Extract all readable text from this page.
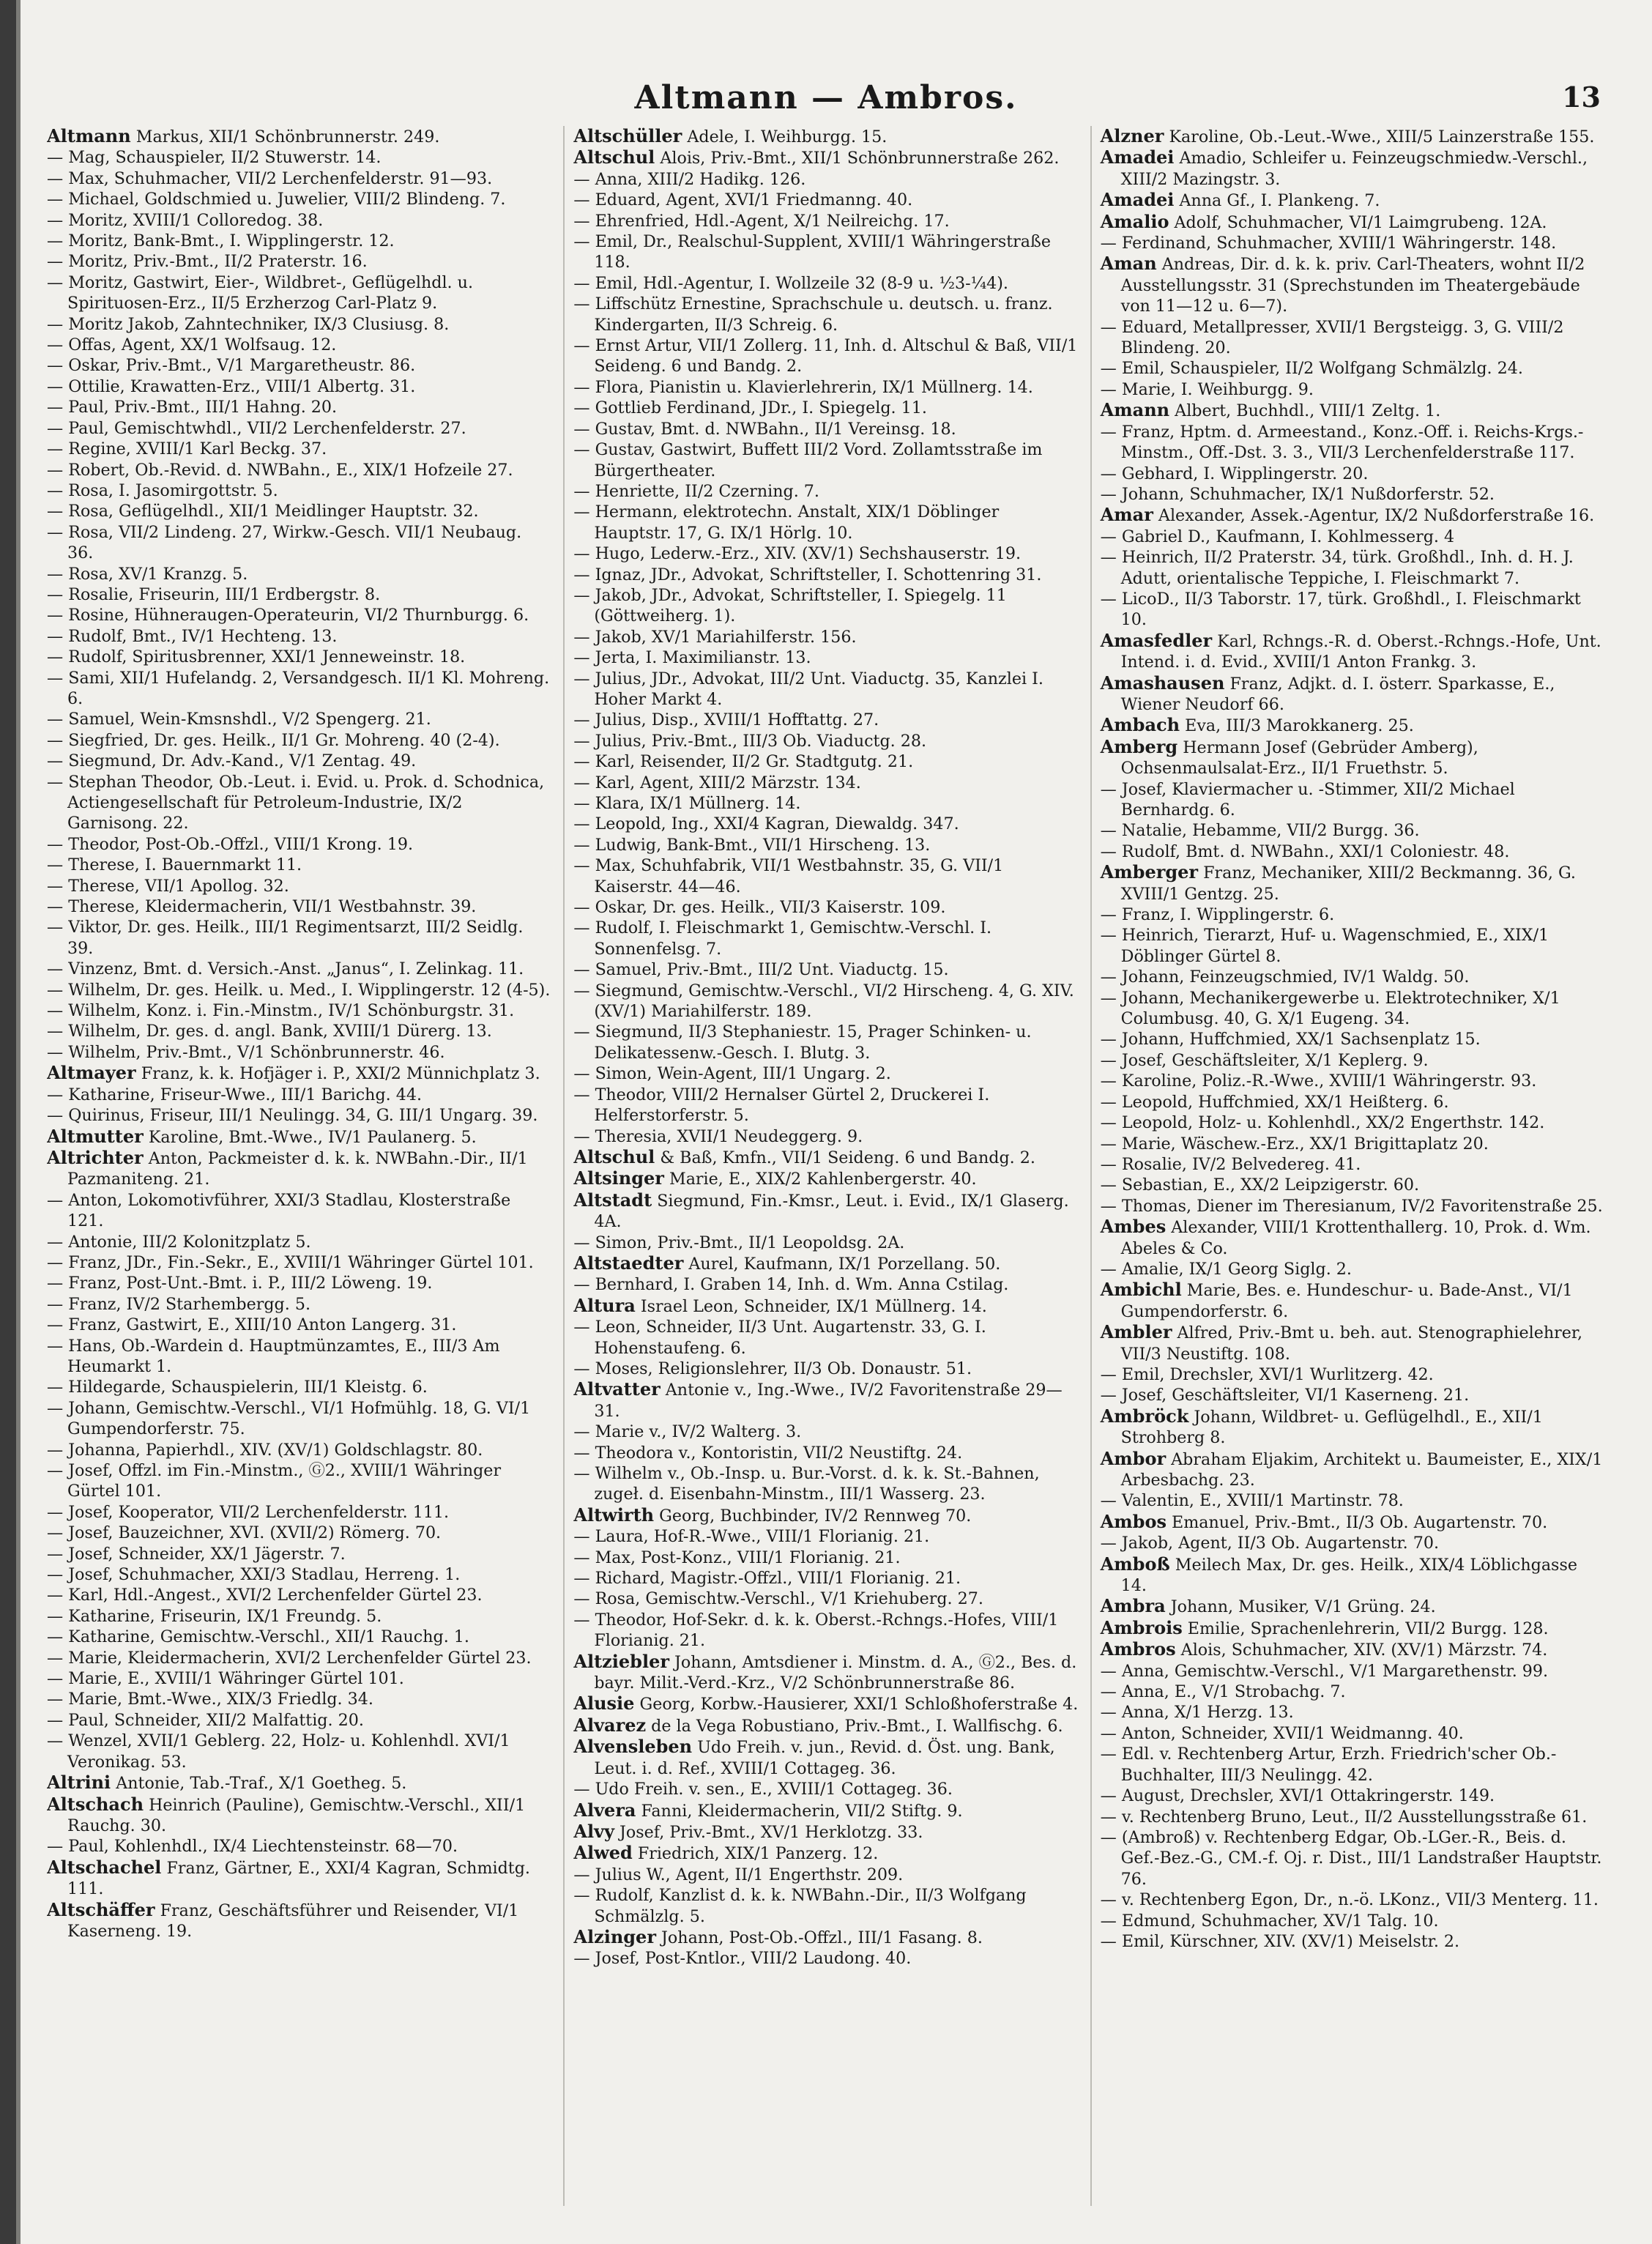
Altmann — Ambros.	13
Altmann Markus, XII/1 Schönbrunnerstr. 249.
— Mag, Schauspieler, II/2 Stuwerstr. 14.
— Max, Schuhmacher, VII/2 Lerchenfelderstr. 91—93.
— Michael, Goldschmied u. Juwelier, VIII/2 Blindeng. 7.
— Moritz, XVIII/1 Colloredog. 38.
— Moritz, Bank-Bmt., I. Wipplingerstr. 12.
— Moritz, Priv.-Bmt., II/2 Praterstr. 16.
— Moritz, Gastwirt, Eier-, Wildbret-, Geflügelhdl. u. Spirituosen-Erz., II/5 Erzherzog Carl-Platz 9.
— Moritz Jakob, Zahntechniker, IX/3 Clusiusg. 8.
— Offas, Agent, XX/1 Wolfsaug. 12.
— Oskar, Priv.-Bmt., V/1 Margaretheustr. 86.
— Ottilie, Krawatten-Erz., VIII/1 Albertg. 31.
— Paul, Priv.-Bmt., III/1 Hahng. 20.
— Paul, Gemischtwhdl., VII/2 Lerchenfelderstr. 27.
— Regine, XVIII/1 Karl Beckg. 37.
— Robert, Ob.-Revid. d. NWBahn., E., XIX/1 Hofzeile 27.
— Rosa, I. Jasomirgottstr. 5.
— Rosa, Geflügelhdl., XII/1 Meidlinger Hauptstr. 32.
— Rosa, VII/2 Lindeng. 27, Wirkw.-Gesch. VII/1 Neubaug. 36.
— Rosa, XV/1 Kranzg. 5.
— Rosalie, Friseurin, III/1 Erdbergstr. 8.
— Rosine, Hühneraugen-Operateurin, VI/2 Thurnburgg. 6.
— Rudolf, Bmt., IV/1 Hechteng. 13.
— Rudolf, Spiritusbrenner, XXI/1 Jenneweinstr. 18.
— Sami, XII/1 Hufelandg. 2, Versandgesch. II/1 Kl. Mohreng. 6.
— Samuel, Wein-Kmsnshdl., V/2 Spengerg. 21.
— Siegfried, Dr. ges. Heilk., II/1 Gr. Mohreng. 40 (2-4).
— Siegmund, Dr. Adv.-Kand., V/1 Zentag. 49.
— Stephan Theodor, Ob.-Leut. i. Evid. u. Prok. d. Schodnica, Actiengesellschaft für Petroleum-Industrie, IX/2 Garnisong. 22.
— Theodor, Post-Ob.-Offzl., VIII/1 Krong. 19.
— Therese, I. Bauernmarkt 11.
— Therese, VII/1 Apollog. 32.
— Therese, Kleidermacherin, VII/1 Westbahnstr. 39.
— Viktor, Dr. ges. Heilk., III/1 Regimentsarzt, III/2 Seidlg. 39.
— Vinzenz, Bmt. d. Versich.-Anst. „Janus“, I. Zelinkag. 11.
— Wilhelm, Dr. ges. Heilk. u. Med., I. Wipplingerstr. 12 (4-5).
— Wilhelm, Konz. i. Fin.-Minstm., IV/1 Schönburgstr. 31.
— Wilhelm, Dr. ges. d. angl. Bank, XVIII/1 Dürerg. 13.
— Wilhelm, Priv.-Bmt., V/1 Schönbrunnerstr. 46.
Altmayer Franz, k. k. Hofjäger i. P., XXI/2 Münnichplatz 3.
— Katharine, Friseur-Wwe., III/1 Barichg. 44.
— Quirinus, Friseur, III/1 Neulingg. 34, G. III/1 Ungarg. 39.
Altmutter Karoline, Bmt.-Wwe., IV/1 Paulanerg. 5.
Altrichter Anton, Packmeister d. k. k. NWBahn.-Dir., II/1 Pazmaniteng. 21.
— Anton, Lokomotivführer, XXI/3 Stadlau, Klosterstraße 121.
— Antonie, III/2 Kolonitzplatz 5.
— Franz, JDr., Fin.-Sekr., E., XVIII/1 Währinger Gürtel 101.
— Franz, Post-Unt.-Bmt. i. P., III/2 Löweng. 19.
— Franz, IV/2 Starhembergg. 5.
— Franz, Gastwirt, E., XIII/10 Anton Langerg. 31.
— Hans, Ob.-Wardein d. Hauptmünzamtes, E., III/3 Am Heumarkt 1.
— Hildegarde, Schauspielerin, III/1 Kleistg. 6.
— Johann, Gemischtw.-Verschl., VI/1 Hofmühlg. 18, G. VI/1 Gumpendorferstr. 75.
— Johanna, Papierhdl., XIV. (XV/1) Goldschlagstr. 80.
— Josef, Offzl. im Fin.-Minstm., Ⓖ2., XVIII/1 Währinger Gürtel 101.
— Josef, Kooperator, VII/2 Lerchenfelderstr. 111.
— Josef, Bauzeichner, XVI. (XVII/2) Römerg. 70.
— Josef, Schneider, XX/1 Jägerstr. 7.
— Josef, Schuhmacher, XXI/3 Stadlau, Herreng. 1.
— Karl, Hdl.-Angest., XVI/2 Lerchenfelder Gürtel 23.
— Katharine, Friseurin, IX/1 Freundg. 5.
— Katharine, Gemischtw.-Verschl., XII/1 Rauchg. 1.
— Marie, Kleidermacherin, XVI/2 Lerchenfelder Gürtel 23.
— Marie, E., XVIII/1 Währinger Gürtel 101.
— Marie, Bmt.-Wwe., XIX/3 Friedlg. 34.
— Paul, Schneider, XII/2 Malfattig. 20.
— Wenzel, XVII/1 Geblerg. 22, Holz- u. Kohlenhdl. XVI/1 Veronikag. 53.
Altrini Antonie, Tab.-Traf., X/1 Goethеg. 5.
Altschach Heinrich (Pauline), Gemischtw.-Verschl., XII/1 Rauchg. 30.
— Paul, Kohlenhdl., IX/4 Liechtensteinstr. 68—70.
Altschachel Franz, Gärtner, E., XXI/4 Kagran, Schmidtg. 111.
Altschäffer Franz, Geschäftsführer und Reisender, VI/1 Kaserneng. 19.
Altschüller Adele, I. Weihburgg. 15.
Altschul Alois, Priv.-Bmt., XII/1 Schönbrunnerstraße 262.
— Anna, XIII/2 Hadikg. 126.
— Eduard, Agent, XVI/1 Friedmanng. 40.
— Ehrenfried, Hdl.-Agent, X/1 Neilreichg. 17.
— Emil, Dr., Realschul-Supplent, XVIII/1 Währingerstraße 118.
— Emil, Hdl.-Agentur, I. Wollzeile 32 (8-9 u. ½3-¼4).
— Liffschütz Ernestine, Sprachschule u. deutsch. u. franz. Kindergarten, II/3 Schreig. 6.
— Ernst Artur, VII/1 Zollerg. 11, Inh. d. Altschul & Baß, VII/1 Seideng. 6 und Bandg. 2.
— Flora, Pianistin u. Klavierlehrerin, IX/1 Müllnerg. 14.
— Gottlieb Ferdinand, JDr., I. Spiegelg. 11.
— Gustav, Bmt. d. NWBahn., II/1 Vereinsg. 18.
— Gustav, Gastwirt, Buffett III/2 Vord. Zollamtsstraße im Bürgertheater.
— Henriette, II/2 Czerning. 7.
— Hermann, elektrotechn. Anstalt, XIX/1 Döblinger Hauptstr. 17, G. IX/1 Hörlg. 10.
— Hugo, Lederw.-Erz., XIV. (XV/1) Sechshauserstr. 19.
— Ignaz, JDr., Advokat, Schriftsteller, I. Schottenring 31.
— Jakob, JDr., Advokat, Schriftsteller, I. Spiegelg. 11 (Göttweiherg. 1).
— Jakob, XV/1 Mariahilferstr. 156.
— Jerta, I. Maximilianstr. 13.
— Julius, JDr., Advokat, III/2 Unt. Viaductg. 35, Kanzlei I. Hoher Markt 4.
— Julius, Disp., XVIII/1 Hofftattg. 27.
— Julius, Priv.-Bmt., III/3 Ob. Viaductg. 28.
— Karl, Reisender, II/2 Gr. Stadtgutg. 21.
— Karl, Agent, XIII/2 Märzstr. 134.
— Klara, IX/1 Müllnerg. 14.
— Leopold, Ing., XXI/4 Kagran, Diewaldg. 347.
— Ludwig, Bank-Bmt., VII/1 Hirscheng. 13.
— Max, Schuhfabrik, VII/1 Westbahnstr. 35, G. VII/1 Kaiserstr. 44—46.
— Oskar, Dr. ges. Heilk., VII/3 Kaiserstr. 109.
— Rudolf, I. Fleischmarkt 1, Gemischtw.-Verschl. I. Sonnenfelsg. 7.
— Samuel, Priv.-Bmt., III/2 Unt. Viaductg. 15.
— Siegmund, Gemischtw.-Verschl., VI/2 Hirscheng. 4, G. XIV. (XV/1) Mariahilferstr. 189.
— Siegmund, II/3 Stephaniestr. 15, Prager Schinken- u. Delikatessenw.-Gesch. I. Blutg. 3.
— Simon, Wein-Agent, III/1 Ungarg. 2.
— Theodor, VIII/2 Hernalser Gürtel 2, Druckerei I. Helferstorferstr. 5.
— Theresia, XVII/1 Neudeggerg. 9.
Altschul & Baß, Kmfn., VII/1 Seideng. 6 und Bandg. 2.
Altsinger Marie, E., XIX/2 Kahlenbergerstr. 40.
Altstadt Siegmund, Fin.-Kmsr., Leut. i. Evid., IX/1 Glaserg. 4A.
— Simon, Priv.-Bmt., II/1 Leopoldsg. 2A.
Altstaedter Aurel, Kaufmann, IX/1 Porzellang. 50.
— Bernhard, I. Graben 14, Inh. d. Wm. Anna Cstilag.
Altura Israel Leon, Schneider, IX/1 Müllnerg. 14.
— Leon, Schneider, II/3 Unt. Augartenstr. 33, G. I. Hohenstaufeng. 6.
— Moses, Religionslehrer, II/3 Ob. Donaustr. 51.
Altvatter Antonie v., Ing.-Wwe., IV/2 Favoritenstraße 29—31.
— Marie v., IV/2 Walterg. 3.
— Theodora v., Kontoristin, VII/2 Neustiftg. 24.
— Wilhelm v., Ob.-Insp. u. Bur.-Vorst. d. k. k. St.-Bahnen, zugeł. d. Eisenbahn-Minstm., III/1 Wasserg. 23.
Altwirth Georg, Buchbinder, IV/2 Rennweg 70.
— Laura, Hof-R.-Wwe., VIII/1 Florianig. 21.
— Max, Post-Konz., VIII/1 Florianig. 21.
— Richard, Magistr.-Offzl., VIII/1 Florianig. 21.
— Rosa, Gemischtw.-Verschl., V/1 Kriehuberg. 27.
— Theodor, Hof-Sekr. d. k. k. Oberst.-Rchngs.-Hofes, VIII/1 Florianig. 21.
Altziebler Johann, Amtsdiener i. Minstm. d. A., Ⓖ2., Bes. d. bayr. Milit.-Verd.-Krz., V/2 Schönbrunnerstraße 86.
Alusie Georg, Korbw.-Hausierer, XXI/1 Schloßhoferstraße 4.
Alvarez de la Vega Robustiano, Priv.-Bmt., I. Wallfischg. 6.
Alvensleben Udo Freih. v. jun., Revid. d. Öst. ung. Bank, Leut. i. d. Ref., XVIII/1 Cottageg. 36.
— Udo Freih. v. sen., E., XVIII/1 Cottageg. 36.
Alvera Fanni, Kleidermacherin, VII/2 Stiftg. 9.
Alvy Josef, Priv.-Bmt., XV/1 Herklotzg. 33.
Alwed Friedrich, XIX/1 Panzerg. 12.
— Julius W., Agent, II/1 Engerthstr. 209.
— Rudolf, Kanzlist d. k. k. NWBahn.-Dir., II/3 Wolfgang Schmälzlg. 5.
Alzinger Johann, Post-Ob.-Offzl., III/1 Fasang. 8.
— Josef, Post-Kntlor., VIII/2 Laudong. 40.
Alzner Karoline, Ob.-Leut.-Wwe., XIII/5 Lainzerstraße 155.
Amadei Amadio, Schleifer u. Feinzeugschmiedw.-Verschl., XIII/2 Mazingstr. 3.
Amadei Anna Gf., I. Plankeng. 7.
Amalio Adolf, Schuhmacher, VI/1 Laimgrubeng. 12A.
— Ferdinand, Schuhmacher, XVIII/1 Währingerstr. 148.
Aman Andreas, Dir. d. k. k. priv. Carl-Theaters, wohnt II/2 Ausstellungsstr. 31 (Sprechstunden im Theatergebäude von 11—12 u. 6—7).
— Eduard, Metallpresser, XVII/1 Bergsteigg. 3, G. VIII/2 Blindeng. 20.
— Emil, Schauspieler, II/2 Wolfgang Schmälzlg. 24.
— Marie, I. Weihburgg. 9.
Amann Albert, Buchhdl., VIII/1 Zeltg. 1.
— Franz, Hptm. d. Armeestand., Konz.-Off. i. Reichs-Krgs.-Minstm., Off.-Dst. 3. 3., VII/3 Lerchenfelderstraße 117.
— Gebhard, I. Wipplingerstr. 20.
— Johann, Schuhmacher, IX/1 Nußdorferstr. 52.
Amar Alexander, Assek.-Agentur, IX/2 Nußdorferstraße 16.
— Gabriel D., Kaufmann, I. Kohlmesserg. 4
— Heinrich, II/2 Praterstr. 34, türk. Großhdl., Inh. d. H. J. Adutt, orientalische Teppiche, I. Fleischmarkt 7.
— LicoD., II/3 Taborstr. 17, türk. Großhdl., I. Fleischmarkt 10.
Amasfedler Karl, Rchngs.-R. d. Oberst.-Rchngs.-Hofe, Unt. Intend. i. d. Evid., XVIII/1 Anton Frankg. 3.
Amashausen Franz, Adjkt. d. I. österr. Sparkasse, E., Wiener Neudorf 66.
Ambach Eva, III/3 Marokkanerg. 25.
Amberg Hermann Josef (Gebrüder Amberg), Ochsenmaulsalat-Erz., II/1 Fruethstr. 5.
— Josef, Klaviermacher u. -Stimmer, XII/2 Michael Bernhardg. 6.
— Natalie, Hebamme, VII/2 Burgg. 36.
— Rudolf, Bmt. d. NWBahn., XXI/1 Coloniestr. 48.
Amberger Franz, Mechaniker, XIII/2 Beckmanng. 36, G. XVIII/1 Gentzg. 25.
— Franz, I. Wipplingerstr. 6.
— Heinrich, Tierarzt, Huf- u. Wagenschmied, E., XIX/1 Döblinger Gürtel 8.
— Johann, Feinzeugschmied, IV/1 Waldg. 50.
— Johann, Mechanikergewerbe u. Elektrotechniker, X/1 Columbusg. 40, G. X/1 Eugeng. 34.
— Johann, Huffchmied, XX/1 Sachsenplatz 15.
— Josef, Geschäftsleiter, X/1 Keplerg. 9.
— Karoline, Poliz.-R.-Wwe., XVIII/1 Währingerstr. 93.
— Leopold, Huffchmied, XX/1 Heißterg. 6.
— Leopold, Holz- u. Kohlenhdl., XX/2 Engerthstr. 142.
— Marie, Wäschew.-Erz., XX/1 Brigittaplatz 20.
— Rosalie, IV/2 Belvedereg. 41.
— Sebastian, E., XX/2 Leipzigerstr. 60.
— Thomas, Diener im Theresianum, IV/2 Favoritenstraße 25.
Ambes Alexander, VIII/1 Krottenthallerg. 10, Prok. d. Wm. Abeles & Co.
— Amalie, IX/1 Georg Siglg. 2.
Ambichl Marie, Bes. e. Hundeschur- u. Bade-Anst., VI/1 Gumpendorferstr. 6.
Ambler Alfred, Priv.-Bmt u. beh. aut. Stenographielehrer, VII/3 Neustiftg. 108.
— Emil, Drechsler, XVI/1 Wurlitzerg. 42.
— Josef, Geschäftsleiter, VI/1 Kaserneng. 21.
Ambröck Johann, Wildbret- u. Geflügelhdl., E., XII/1 Strohberg 8.
Ambor Abraham Eljakim, Architekt u. Baumeister, E., XIX/1 Arbesbachg. 23.
— Valentin, E., XVIII/1 Martinstr. 78.
Ambos Emanuel, Priv.-Bmt., II/3 Ob. Augartenstr. 70.
— Jakob, Agent, II/3 Ob. Augartenstr. 70.
Amboß Meilech Max, Dr. ges. Heilk., XIX/4 Löblichgasse 14.
Ambra Johann, Musiker, V/1 Grüng. 24.
Ambrois Emilie, Sprachenlehrerin, VII/2 Burgg. 128.
Ambros Alois, Schuhmacher, XIV. (XV/1) Märzstr. 74.
— Anna, Gemischtw.-Verschl., V/1 Margarethenstr. 99.
— Anna, E., V/1 Strobachg. 7.
— Anna, X/1 Herzg. 13.
— Anton, Schneider, XVII/1 Weidmanng. 40.
— Edl. v. Rechtenberg Artur, Erzh. Friedrich'scher Ob.-Buchhalter, III/3 Neulingg. 42.
— August, Drechsler, XVI/1 Ottakringerstr. 149.
— v. Rechtenberg Bruno, Leut., II/2 Ausstellungsstraße 61.
— (Ambroß) v. Rechtenberg Edgar, Ob.-LGer.-R., Beis. d. Gef.-Bez.-G., CM.-f. Oj. r. Dist., III/1 Landstraßer Hauptstr. 76.
— v. Rechtenberg Egon, Dr., n.-ö. LKonz., VII/3 Menterg. 11.
— Edmund, Schuhmacher, XV/1 Talg. 10.
— Emil, Kürschner, XIV. (XV/1) Meiselstr. 2.
